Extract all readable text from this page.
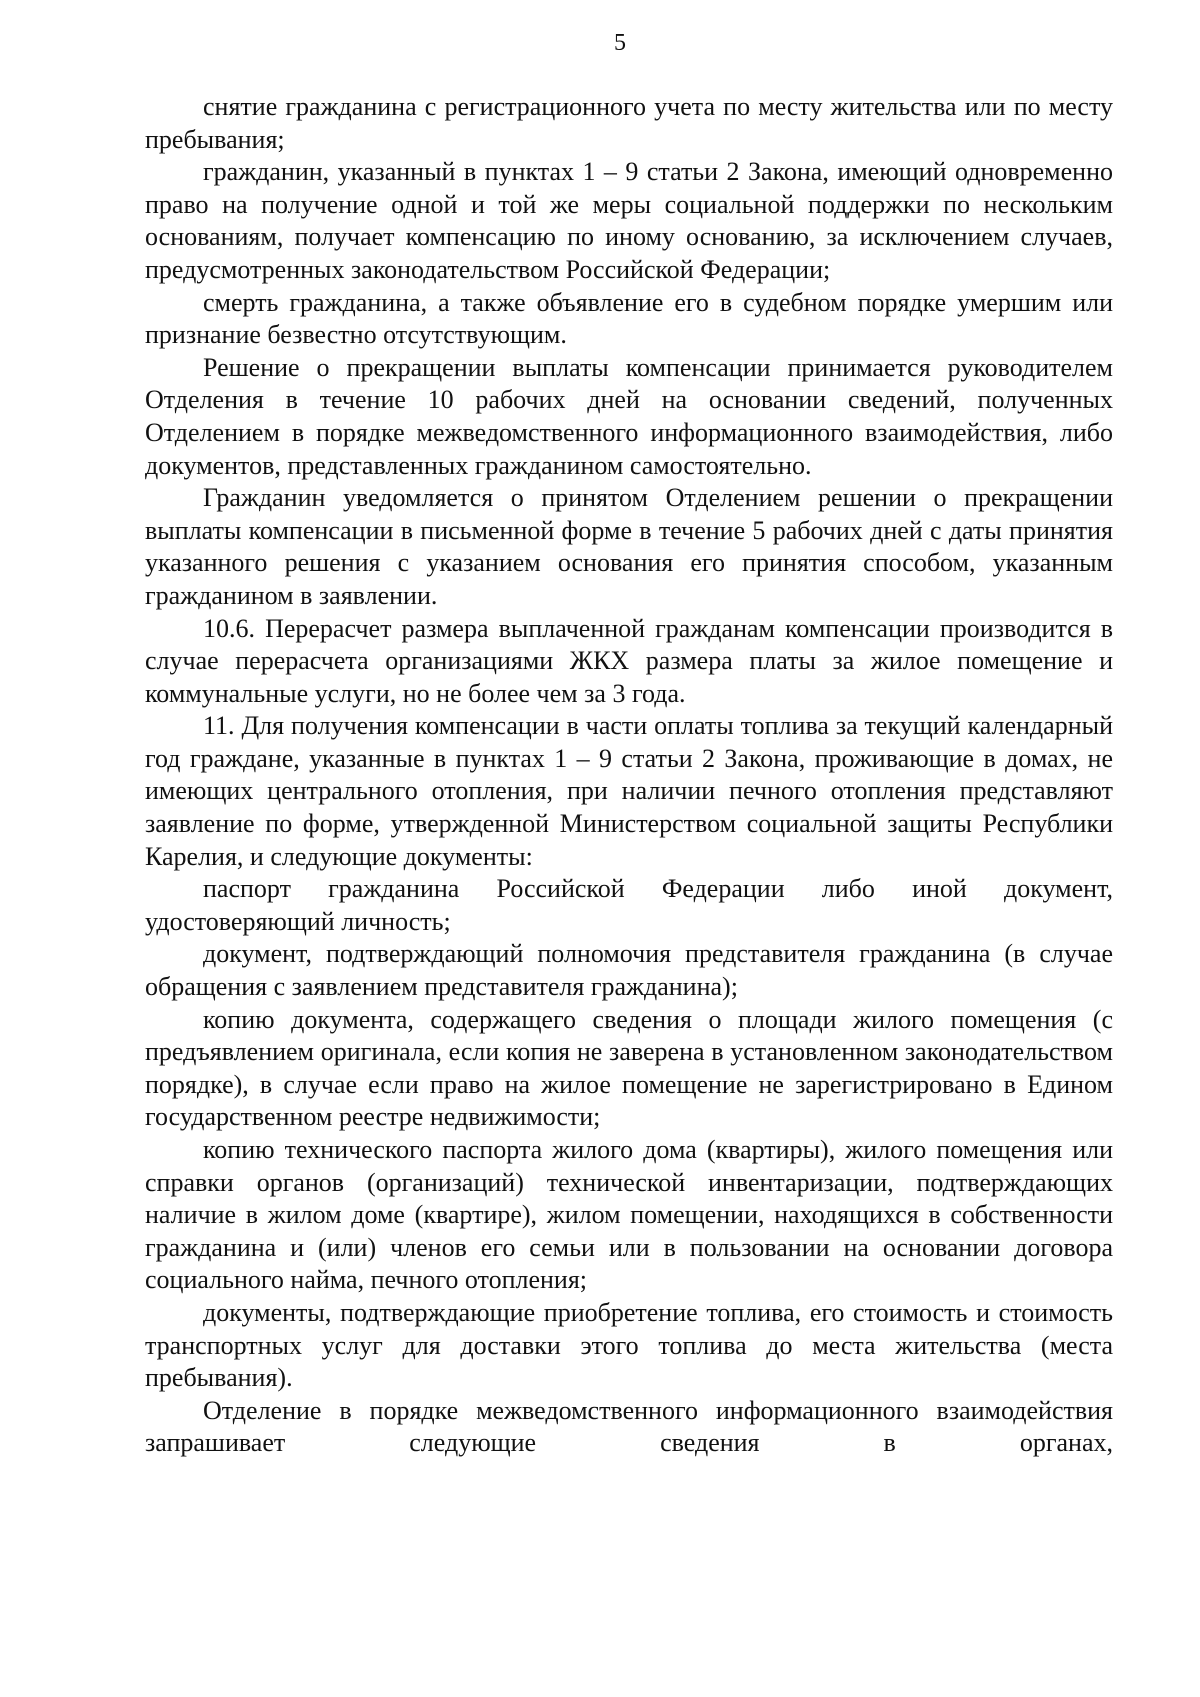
5

снятие гражданина с регистрационного учета по месту жительства или по месту пребывания;

гражданин, указанный в пунктах 1 – 9 статьи 2 Закона, имеющий одновременно право на получение одной и той же меры социальной поддержки по нескольким основаниям, получает компенсацию по иному основанию, за исключением случаев, предусмотренных законодательством Российской Федерации;

смерть гражданина, а также объявление его в судебном порядке умершим или признание безвестно отсутствующим.

Решение о прекращении выплаты компенсации принимается руководителем Отделения в течение 10 рабочих дней на основании сведений, полученных Отделением в порядке межведомственного информационного взаимодействия, либо документов, представленных гражданином самостоятельно.

Гражданин уведомляется о принятом Отделением решении о прекращении выплаты компенсации в письменной форме в течение 5 рабочих дней с даты принятия указанного решения с указанием основания его принятия способом, указанным гражданином в заявлении.

10.6. Перерасчет размера выплаченной гражданам компенсации производится в случае перерасчета организациями ЖКХ размера платы за жилое помещение и коммунальные услуги, но не более чем за 3 года.

11. Для получения компенсации в части оплаты топлива за текущий календарный год граждане, указанные в пунктах 1 – 9 статьи 2 Закона, проживающие в домах, не имеющих центрального отопления, при наличии печного отопления представляют заявление по форме, утвержденной Министерством социальной защиты Республики Карелия, и следующие документы:

паспорт гражданина Российской Федерации либо иной документ, удостоверяющий личность;

документ, подтверждающий полномочия представителя гражданина (в случае обращения с заявлением представителя гражданина);

копию документа, содержащего сведения о площади жилого помещения (с предъявлением оригинала, если копия не заверена в установленном законодательством порядке), в случае если право на жилое помещение не зарегистрировано в Едином государственном реестре недвижимости;

копию технического паспорта жилого дома (квартиры), жилого помещения или справки органов (организаций) технической инвентаризации, подтверждающих наличие в жилом доме (квартире), жилом помещении, находящихся в собственности гражданина и (или) членов его семьи или в пользовании на основании договора социального найма, печного отопления;

документы, подтверждающие приобретение топлива, его стоимость и стоимость транспортных услуг для доставки этого топлива до места жительства (места пребывания).

Отделение в порядке межведомственного информационного взаимодействия запрашивает следующие сведения в органах,
